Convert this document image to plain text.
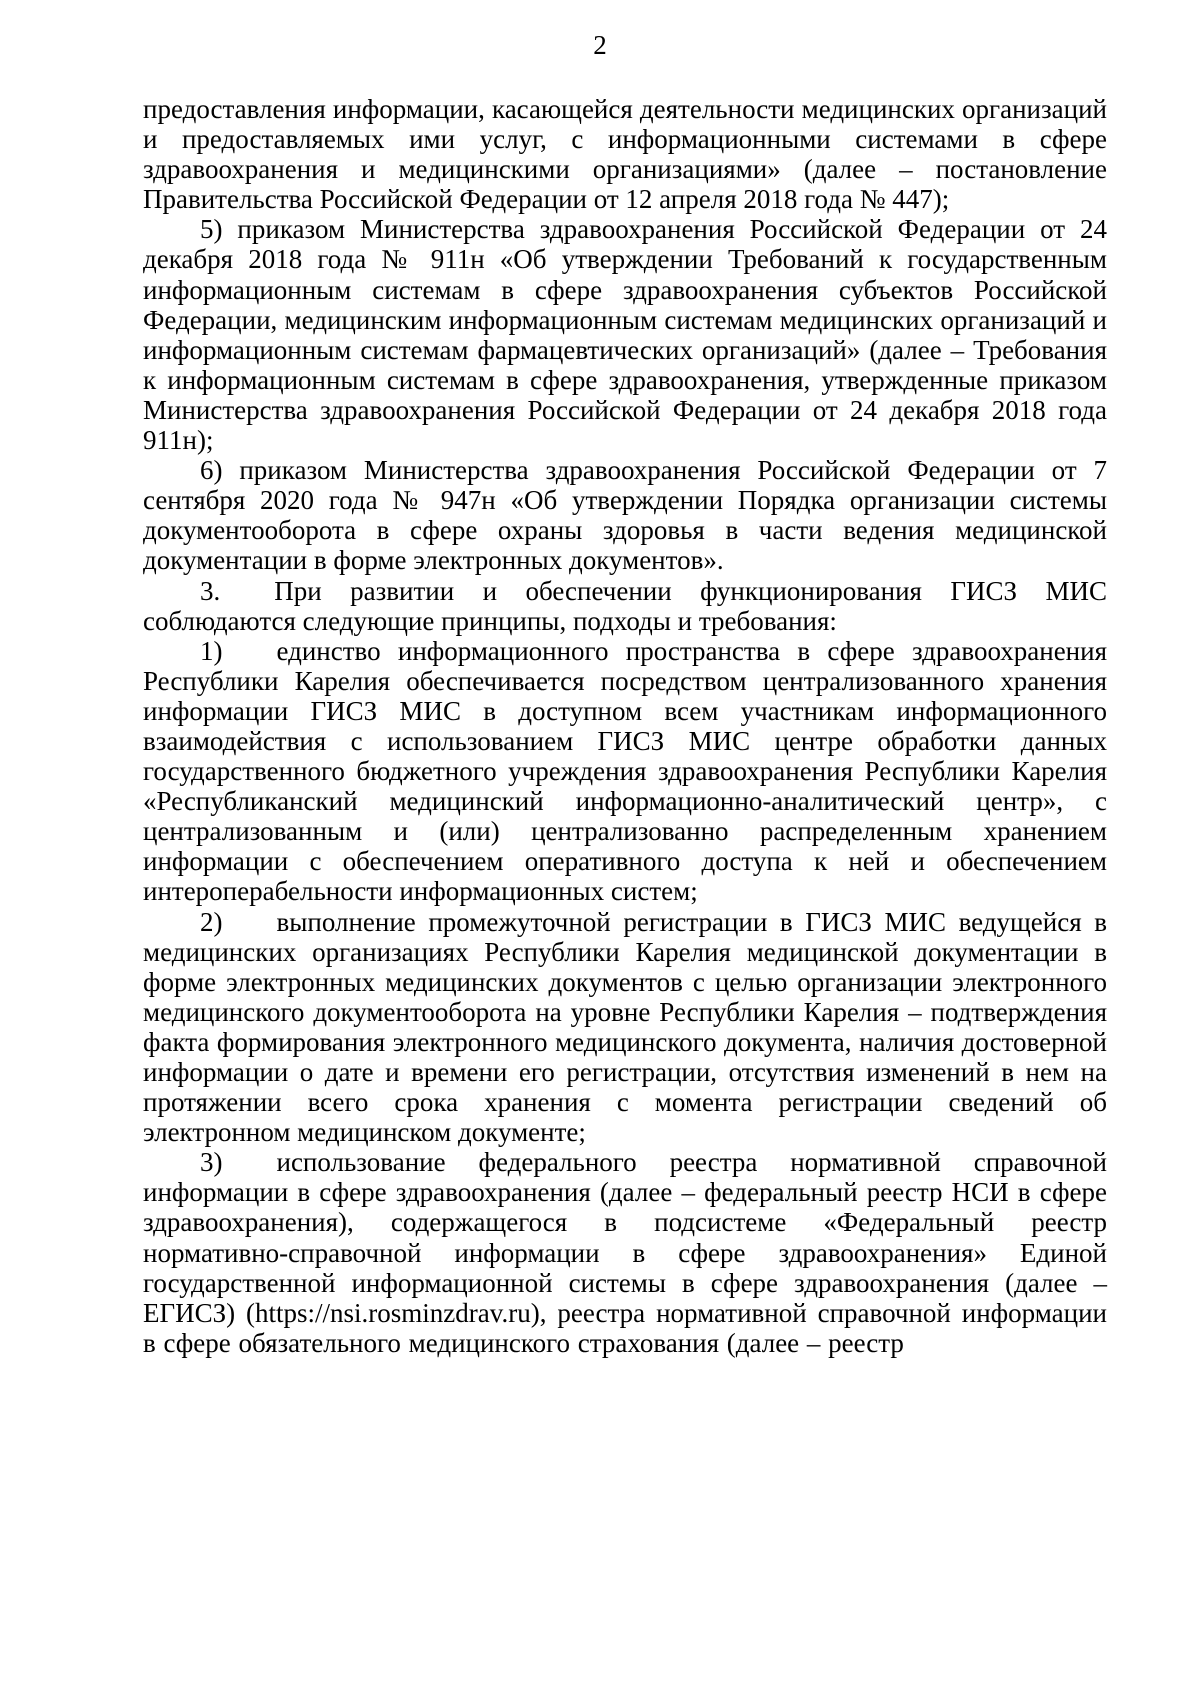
2

предоставления информации, касающейся деятельности медицинских организаций и предоставляемых ими услуг, с информационными системами в сфере здравоохранения и медицинскими организациями» (далее – постановление Правительства Российской Федерации от 12 апреля 2018 года № 447);

5) приказом Министерства здравоохранения Российской Федерации от 24 декабря 2018 года № 911н «Об утверждении Требований к государственным информационным системам в сфере здравоохранения субъектов Российской Федерации, медицинским информационным системам медицинских организаций и информационным системам фармацевтических организаций» (далее – Требования к информационным системам в сфере здравоохранения, утвержденные приказом Министерства здравоохранения Российской Федерации от 24 декабря 2018 года 911н);

6) приказом Министерства здравоохранения Российской Федерации от 7 сентября 2020 года № 947н «Об утверждении Порядка организации системы документооборота в сфере охраны здоровья в части ведения медицинской документации в форме электронных документов».

3.  При развитии и обеспечении функционирования ГИСЗ МИС соблюдаются следующие принципы, подходы и требования:

1)  единство информационного пространства в сфере здравоохранения Республики Карелия обеспечивается посредством централизованного хранения информации ГИСЗ МИС в доступном всем участникам информационного взаимодействия с использованием ГИСЗ МИС центре обработки данных государственного бюджетного учреждения здравоохранения Республики Карелия «Республиканский медицинский информационно-аналитический центр», с централизованным и (или) централизованно распределенным хранением информации с обеспечением оперативного доступа к ней и обеспечением интероперабельности информационных систем;

2)  выполнение промежуточной регистрации в ГИСЗ МИС ведущейся в медицинских организациях Республики Карелия медицинской документации в форме электронных медицинских документов с целью организации электронного медицинского документооборота на уровне Республики Карелия – подтверждения факта формирования электронного медицинского документа, наличия достоверной информации о дате и времени его регистрации, отсутствия изменений в нем на протяжении всего срока хранения с момента регистрации сведений об электронном медицинском документе;

3)  использование федерального реестра нормативной справочной информации в сфере здравоохранения (далее – федеральный реестр НСИ в сфере здравоохранения), содержащегося в подсистеме «Федеральный реестр нормативно-справочной информации в сфере здравоохранения» Единой государственной информационной системы в сфере здравоохранения (далее – ЕГИСЗ) (https://nsi.rosminzdrav.ru), реестра нормативной справочной информации в сфере обязательного медицинского страхования (далее – реестр
